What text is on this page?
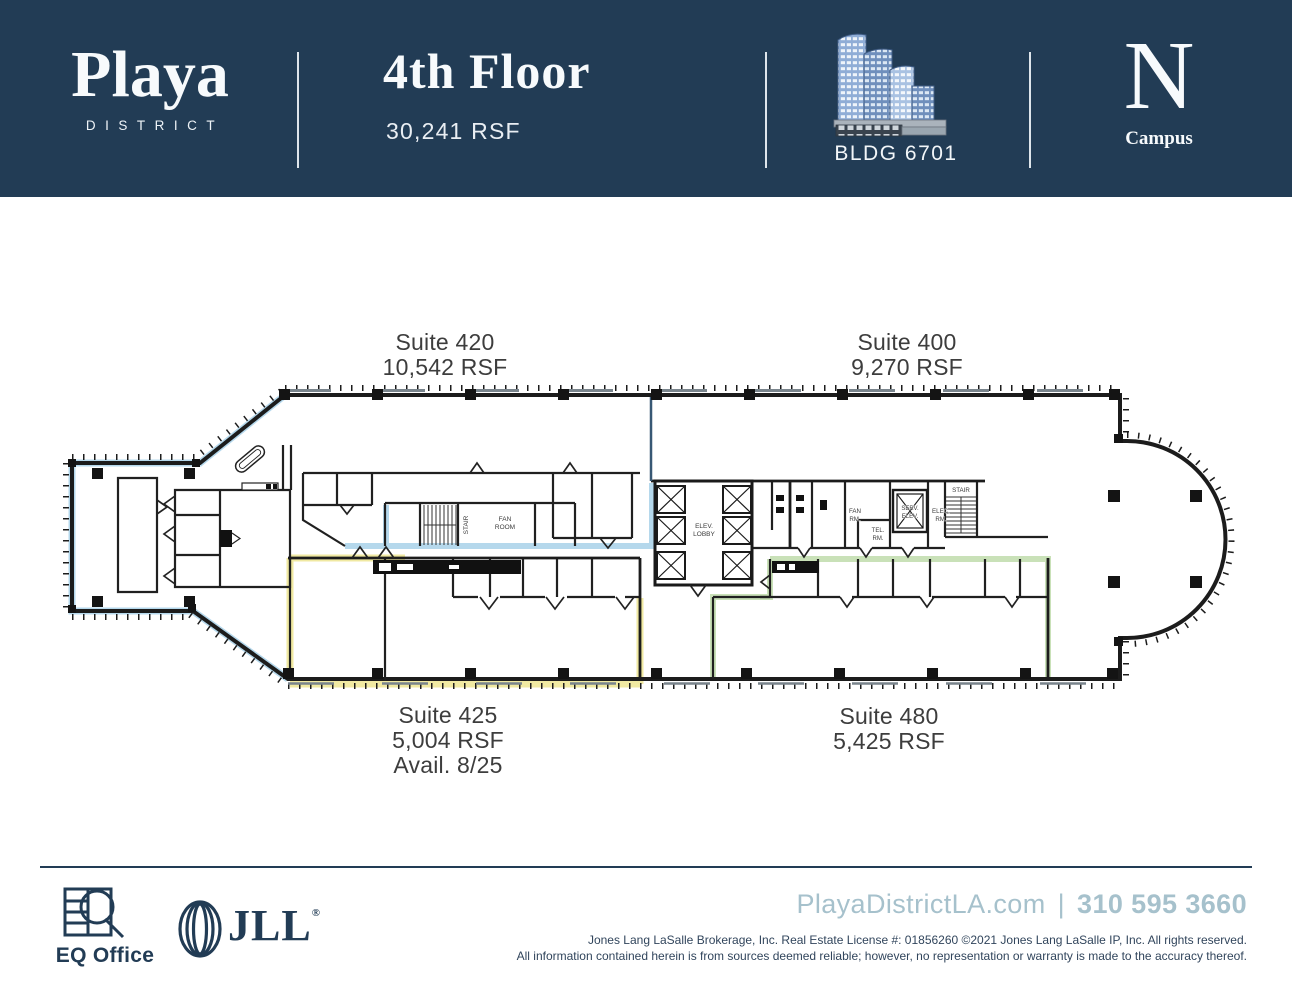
Playa
DISTRICT
4th Floor
30,241 RSF
BLDG 6701
N
Campus
STAIR	FAN
ROOM	ELEV.
LOBBY
FAN
RM.
TEL.
RM.
SERV.
ELEV.
ELEC.
RM.
STAIR
Suite 420
10,542 RSF
Suite 400
9,270 RSF
Suite 425
5,004 RSF
Avail. 8/25
Suite 480
5,425 RSF
EQ Office
JLL®	PlayaDistrictLA.com | 310 595 3660
Jones Lang LaSalle Brokerage, Inc. Real Estate License #: 01856260 ©2021 Jones Lang LaSalle IP, Inc. All rights reserved.
All information contained herein is from sources deemed reliable; however, no representation or warranty is made to the accuracy thereof.
